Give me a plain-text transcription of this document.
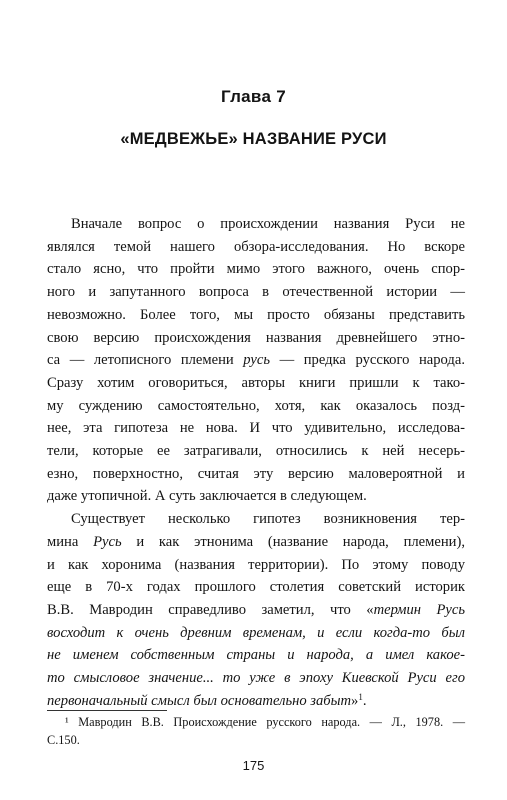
Глава 7
«МЕДВЕЖЬЕ» НАЗВАНИЕ РУСИ
Вначале вопрос о происхождении названия Руси не
являлся темой нашего обзора-исследования. Но вскоре
стало ясно, что пройти мимо этого важного, очень спор-
ного и запутанного вопроса в отечественной истории —
невозможно. Более того, мы просто обязаны представить
свою версию происхождения названия древнейшего этно-
са — летописного племени русь — предка русского народа.
Сразу хотим оговориться, авторы книги пришли к тако-
му суждению самостоятельно, хотя, как оказалось позд-
нее, эта гипотеза не нова. И что удивительно, исследова-
тели, которые ее затрагивали, относились к ней несерь-
езно, поверхностно, считая эту версию маловероятной и
даже утопичной. А суть заключается в следующем.
Существует несколько гипотез возникновения тер-
мина Русь и как этнонима (название народа, племени),
и как хоронима (названия территории). По этому поводу
еще в 70-х годах прошлого столетия советский историк
В.В. Мавродин справедливо заметил, что «термин Русь
восходит к очень древним временам, и если когда-то был
не именем собственным страны и народа, а имел какое-
то смысловое значение... то уже в эпоху Киевской Руси его
первоначальный смысл был основательно забыт»$^1$.
¹ Мавродин В.В. Происхождение русского народа. — Л., 1978. —
С.150.
175
